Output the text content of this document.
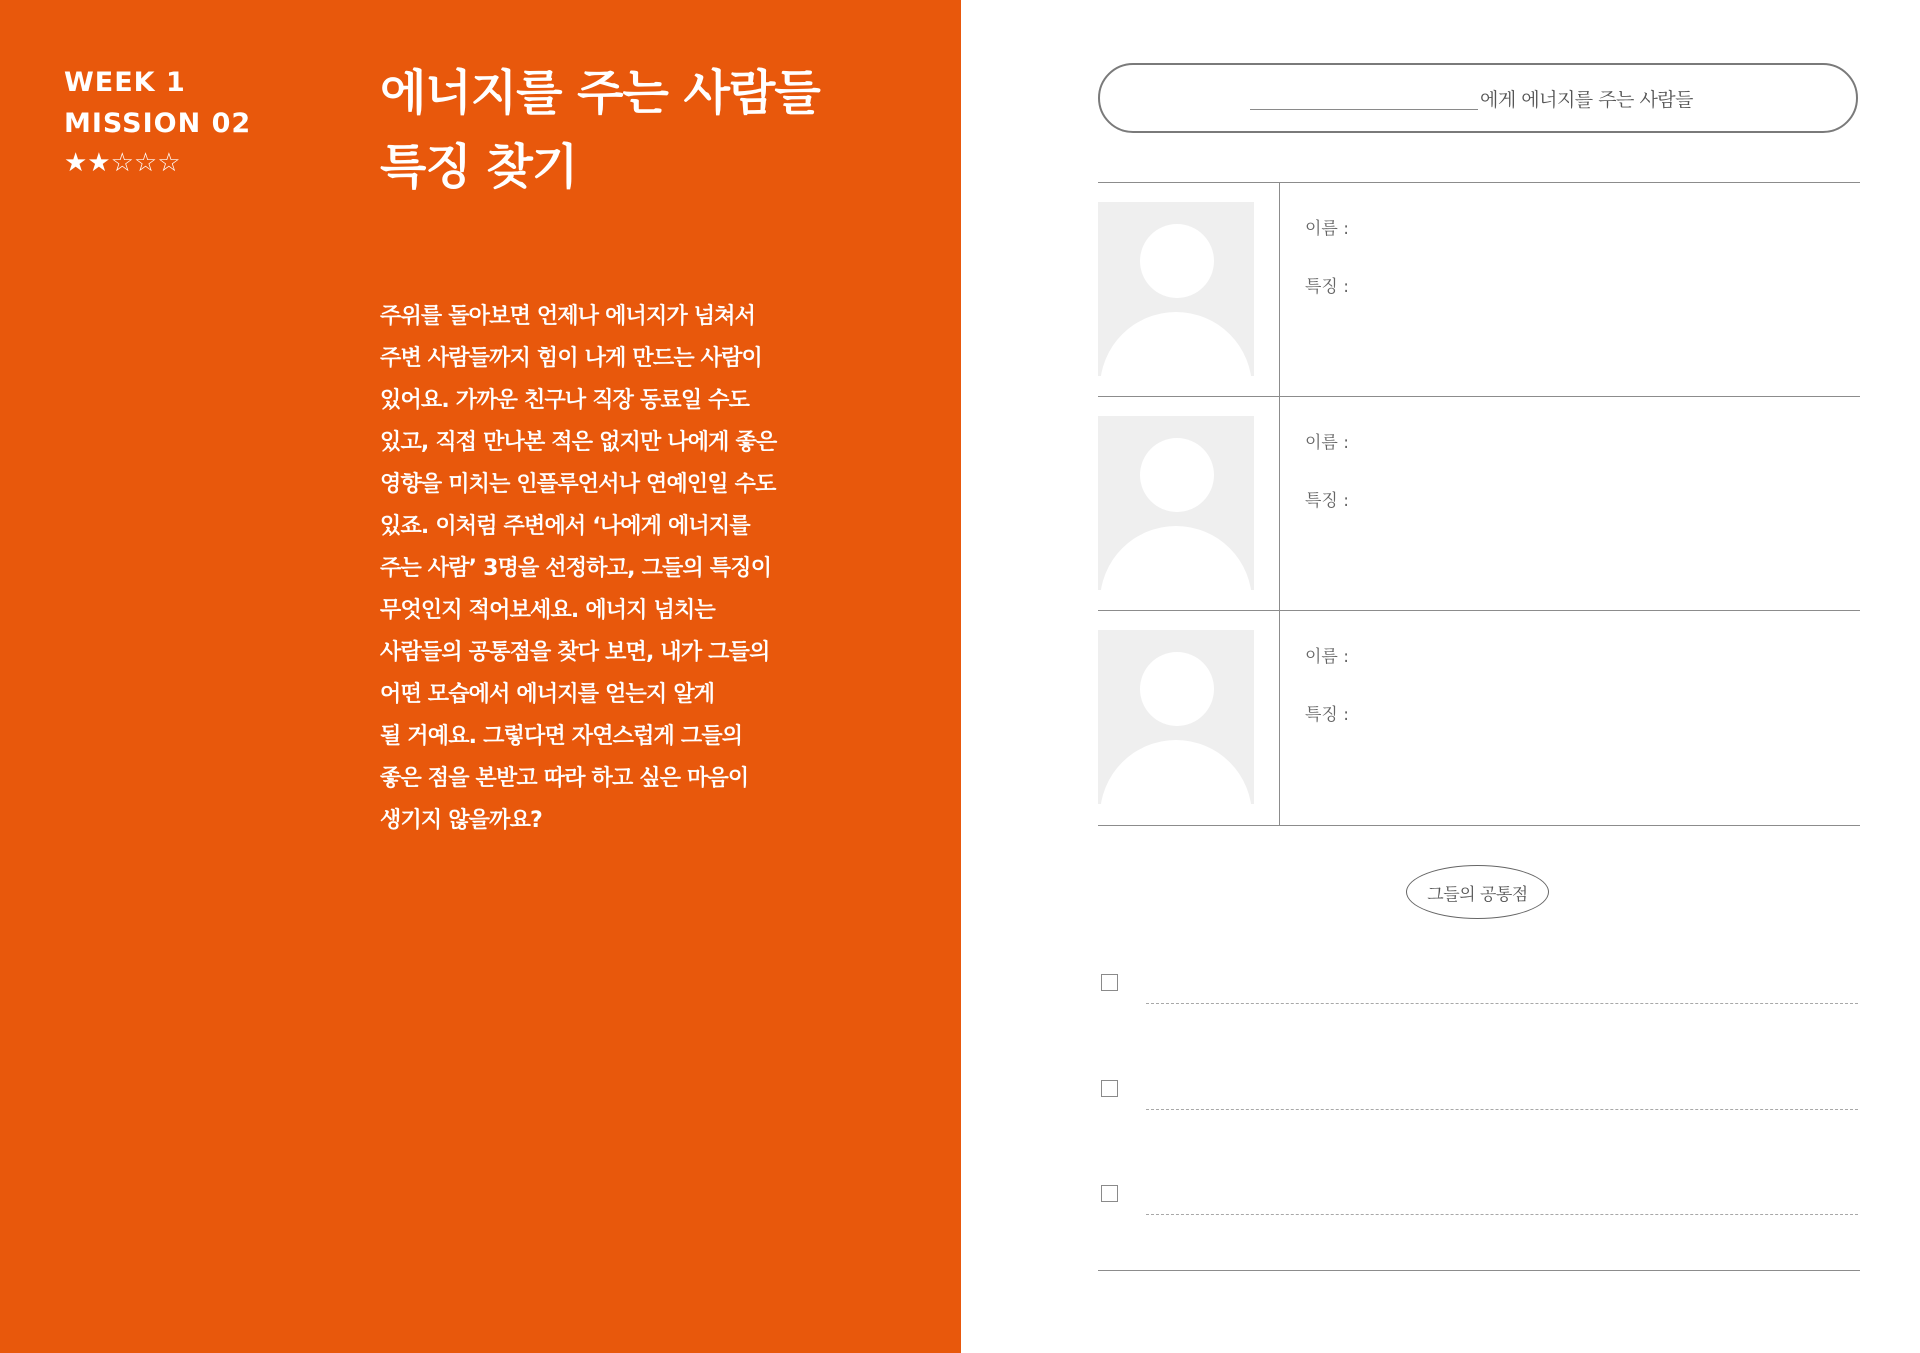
WEEK 1
MISSION 02
★★☆☆☆
에너지를 주는 사람들
특징 찾기
주위를 돌아보면 언제나 에너지가 넘쳐서
주변 사람들까지 힘이 나게 만드는 사람이
있어요. 가까운 친구나 직장 동료일 수도
있고, 직접 만나본 적은 없지만 나에게 좋은
영향을 미치는 인플루언서나 연예인일 수도
있죠. 이처럼 주변에서 ‘나에게 에너지를
주는 사람’ 3명을 선정하고, 그들의 특징이
무엇인지 적어보세요. 에너지 넘치는
사람들의 공통점을 찾다 보면, 내가 그들의
어떤 모습에서 에너지를 얻는지 알게
될 거예요. 그렇다면 자연스럽게 그들의
좋은 점을 본받고 따라 하고 싶은 마음이
생기지 않을까요?
에게 에너지를 주는 사람들
이름 :
특징 :
이름 :
특징 :
이름 :
특징 :
그들의 공통점
